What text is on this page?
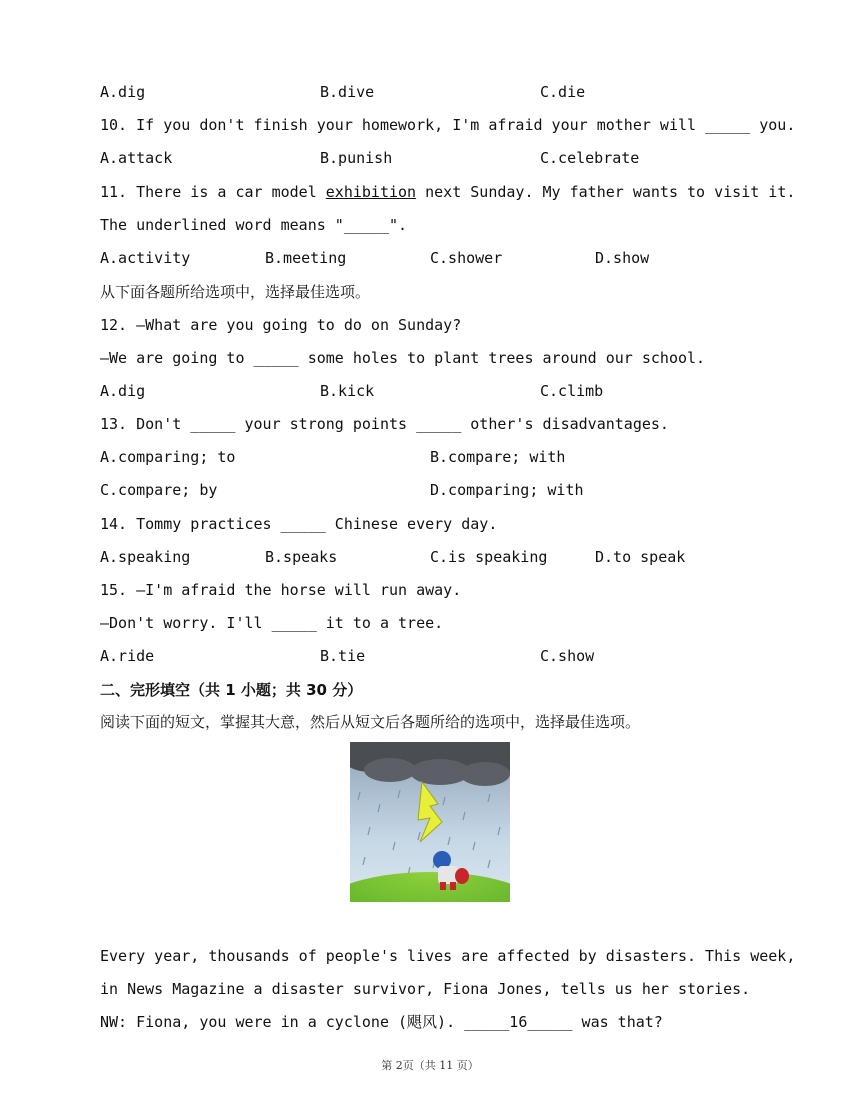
A.dig	B.dive	C.die
10. If you don't finish your homework, I'm afraid your mother will _____ you.
A.attack	B.punish	C.celebrate
11. There is a car model exhibition next Sunday. My father wants to visit it.
The underlined word means "_____".
A.activity	B.meeting	C.shower	D.show
从下面各题所给选项中，选择最佳选项。
12. —What are you going to do on Sunday?
—We are going to _____ some holes to plant trees around our school.
A.dig	B.kick	C.climb
13. Don't _____ your strong points _____ other's disadvantages.
A.comparing; to	B.compare; with
C.compare; by	D.comparing; with
14. Tommy practices _____ Chinese every day.
A.speaking	B.speaks	C.is speaking	D.to speak
15. —I'm afraid the horse will run away.
—Don't worry. I'll _____ it to a tree.
A.ride	B.tie	C.show
二、完形填空（共 1 小题；共 30 分）
阅读下面的短文，掌握其大意，然后从短文后各题所给的选项中，选择最佳选项。
Every year, thousands of people's lives are affected by disasters. This week,
in News Magazine a disaster survivor, Fiona Jones, tells us her stories.
NW: Fiona, you were in a cyclone (飓风). _____16_____ was that?
第 2页（共 11 页）
